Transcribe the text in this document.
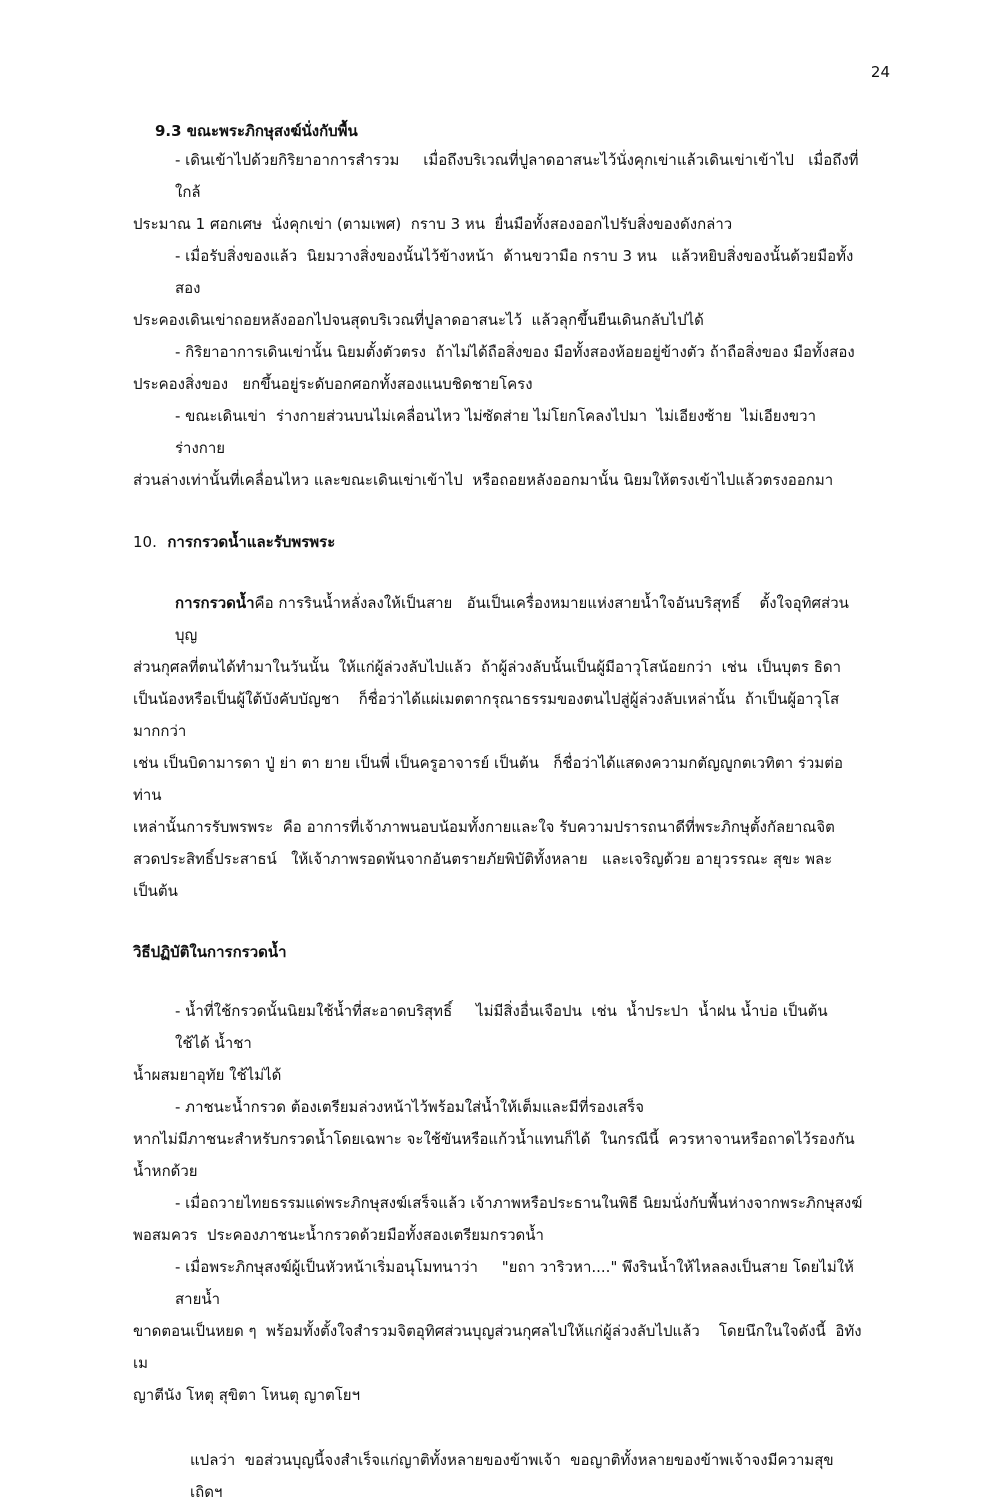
24
9.3 ขณะพระภิกษุสงฆ์นั่งกับพื้น
- เดินเข้าไปด้วยกิริยาอาการสำรวม     เมื่อถึงบริเวณที่ปูลาดอาสนะไว้นั่งคุกเข่าแล้วเดินเข่าเข้าไป   เมื่อถึงที่ใกล้
ประมาณ 1 ศอกเศษ  นั่งคุกเข่า (ตามเพศ)  กราบ 3 หน  ยื่นมือทั้งสองออกไปรับสิ่งของดังกล่าว
- เมื่อรับสิ่งของแล้ว  นิยมวางสิ่งของนั้นไว้ข้างหน้า  ด้านขวามือ กราบ 3 หน   แล้วหยิบสิ่งของนั้นด้วยมือทั้งสอง
ประคองเดินเข่าถอยหลังออกไปจนสุดบริเวณที่ปูลาดอาสนะไว้  แล้วลุกขึ้นยืนเดินกลับไปได้
- กิริยาอาการเดินเข่านั้น นิยมตั้งตัวตรง  ถ้าไม่ได้ถือสิ่งของ มือทั้งสองห้อยอยู่ข้างตัว ถ้าถือสิ่งของ มือทั้งสอง
ประคองสิ่งของ   ยกขึ้นอยู่ระดับอกศอกทั้งสองแนบชิดชายโครง
- ขณะเดินเข่า  ร่างกายส่วนบนไม่เคลื่อนไหว ไม่ซัดส่าย ไม่โยกโคลงไปมา  ไม่เอียงซ้าย  ไม่เอียงขวา ร่างกาย
ส่วนล่างเท่านั้นที่เคลื่อนไหว และขณะเดินเข่าเข้าไป  หรือถอยหลังออกมานั้น นิยมให้ตรงเข้าไปแล้วตรงออกมา
10. การกรวดน้ำและรับพรพระ
การกรวดน้ำคือ การรินน้ำหลั่งลงให้เป็นสาย   อันเป็นเครื่องหมายแห่งสายน้ำใจอันบริสุทธิ์    ตั้งใจอุทิศส่วนบุญ
ส่วนกุศลที่ตนได้ทำมาในวันนั้น  ให้แก่ผู้ล่วงลับไปแล้ว  ถ้าผู้ล่วงลับนั้นเป็นผู้มีอาวุโสน้อยกว่า  เช่น  เป็นบุตร ธิดา
เป็นน้องหรือเป็นผู้ใต้บังคับบัญชา    ก็ชื่อว่าได้แผ่เมตตากรุณาธรรมของตนไปสู่ผู้ล่วงลับเหล่านั้น  ถ้าเป็นผู้อาวุโสมากกว่า
เช่น เป็นบิดามารดา ปู่ ย่า ตา ยาย เป็นพี่ เป็นครูอาจารย์ เป็นต้น   ก็ชื่อว่าได้แสดงความกตัญญูกตเวทิตา ร่วมต่อท่าน
เหล่านั้นการรับพรพระ  คือ อาการที่เจ้าภาพนอบน้อมทั้งกายและใจ รับความปรารถนาดีที่พระภิกษุตั้งกัลยาณจิต
สวดประสิทธิ์ประสาธน์   ให้เจ้าภาพรอดพ้นจากอันตรายภัยพิบัติทั้งหลาย   และเจริญด้วย อายุวรรณะ สุขะ พละ เป็นต้น
วิธีปฏิบัติในการกรวดน้ำ
- น้ำที่ใช้กรวดนั้นนิยมใช้น้ำที่สะอาดบริสุทธิ์     ไม่มีสิ่งอื่นเจือปน  เช่น  น้ำประปา  น้ำฝน น้ำบ่อ เป็นต้น ใช้ได้ น้ำชา
น้ำผสมยาอุทัย ใช้ไม่ได้
- ภาชนะน้ำกรวด ต้องเตรียมล่วงหน้าไว้พร้อมใส่น้ำให้เต็มและมีที่รองเสร็จ
หากไม่มีภาชนะสำหรับกรวดน้ำโดยเฉพาะ จะใช้ขันหรือแก้วน้ำแทนก็ได้  ในกรณีนี้  ควรหาจานหรือถาดไว้รองกันน้ำหกด้วย
- เมื่อถวายไทยธรรมแด่พระภิกษุสงฆ์เสร็จแล้ว เจ้าภาพหรือประธานในพิธี นิยมนั่งกับพื้นห่างจากพระภิกษุสงฆ์
พอสมควร  ประคองภาชนะน้ำกรวดด้วยมือทั้งสองเตรียมกรวดน้ำ
- เมื่อพระภิกษุสงฆ์ผู้เป็นหัวหน้าเริ่มอนุโมทนาว่า     "ยถา วาริวหา...." พึงรินน้ำให้ไหลลงเป็นสาย โดยไม่ให้สายน้ำ
ขาดตอนเป็นหยด ๆ  พร้อมทั้งตั้งใจสำรวมจิตอุทิศส่วนบุญส่วนกุศลไปให้แก่ผู้ล่วงลับไปแล้ว    โดยนึกในใจดังนี้  อิทัง เม
ญาตีนัง โหตุ สุขิตา โหนตุ ญาตโยฯ
แปลว่า  ขอส่วนบุญนี้จงสำเร็จแก่ญาติทั้งหลายของข้าพเจ้า  ขอญาติทั้งหลายของข้าพเจ้าจงมีความสุขเถิดฯ
